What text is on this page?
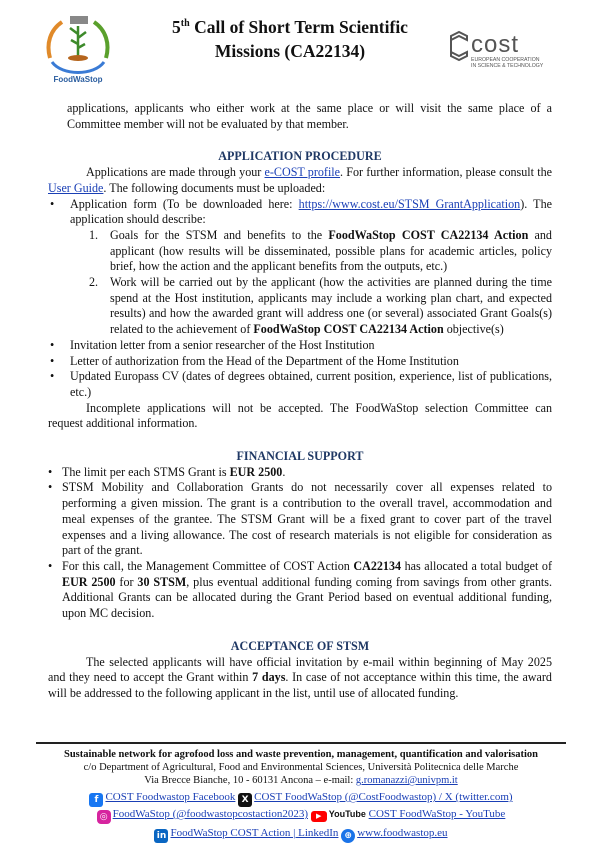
FoodWaStop
5th Call of Short Term Scientific
Missions (CA22134)	cost
EUROPEAN COOPERATION
IN SCIENCE & TECHNOLOGY

applications, applicants who either work at the same place or will visit the same place of a Committee member will not be evaluated by that member.

APPLICATION PROCEDURE

Applications are made through your e-COST profile. For further information, please consult the User Guide. The following documents must be uploaded:

• Application form (To be downloaded here: https://www.cost.eu/STSM_GrantApplication). The application should describe:
1. Goals for the STSM and benefits to the FoodWaStop COST CA22134 Action and applicant (how results will be disseminated, possible plans for academic articles, policy brief, how the action and the applicant benefits from the outputs, etc.)
2. Work will be carried out by the applicant (how the activities are planned during the time spend at the Host institution, applicants may include a working plan chart, and expected results) and how the awarded grant will address one (or several) associated Grant Goals(s) related to the achievement of FoodWaStop COST CA22134 Action objective(s)
• Invitation letter from a senior researcher of the Host Institution
• Letter of authorization from the Head of the Department of the Home Institution
• Updated Europass CV (dates of degrees obtained, current position, experience, list of publications, etc.)

Incomplete applications will not be accepted. The FoodWaStop selection Committee can request additional information.

FINANCIAL SUPPORT

• The limit per each STMS Grant is EUR 2500.
• STSM Mobility and Collaboration Grants do not necessarily cover all expenses related to performing a given mission. The grant is a contribution to the overall travel, accommodation and meal expenses of the grantee. The STSM Grant will be a fixed grant to cover part of the travel expenses and a living allowance. The cost of research materials is not eligible for consideration as part of the grant.
• For this call, the Management Committee of COST Action CA22134 has allocated a total budget of EUR 2500 for 30 STSM, plus eventual additional funding coming from savings from other grants. Additional Grants can be allocated during the Grant Period based on eventual additional funding, upon MC decision.

ACCEPTANCE OF STSM

The selected applicants will have official invitation by e-mail within beginning of May 2025 and they need to accept the Grant within 7 days. In case of not acceptance within this time, the award will be addressed to the following applicant in the list, until use of allocated funding.

Sustainable network for agrofood loss and waste prevention, management, quantification and valorisation
c/o Department of Agricultural, Food and Environmental Sciences, Università Politecnica delle Marche
Via Brecce Bianche, 10 - 60131 Ancona – e-mail: g.romanazzi@univpm.it
f COST Foodwastop Facebook X COST FoodWaStop (@CostFoodwastop) / X (twitter.com)
◎ FoodWaStop (@foodwastopcostaction2023) ▶ YouTube COST FoodWaStop - YouTube
in FoodWaStop COST Action | LinkedIn ⊕ www.foodwastop.eu
